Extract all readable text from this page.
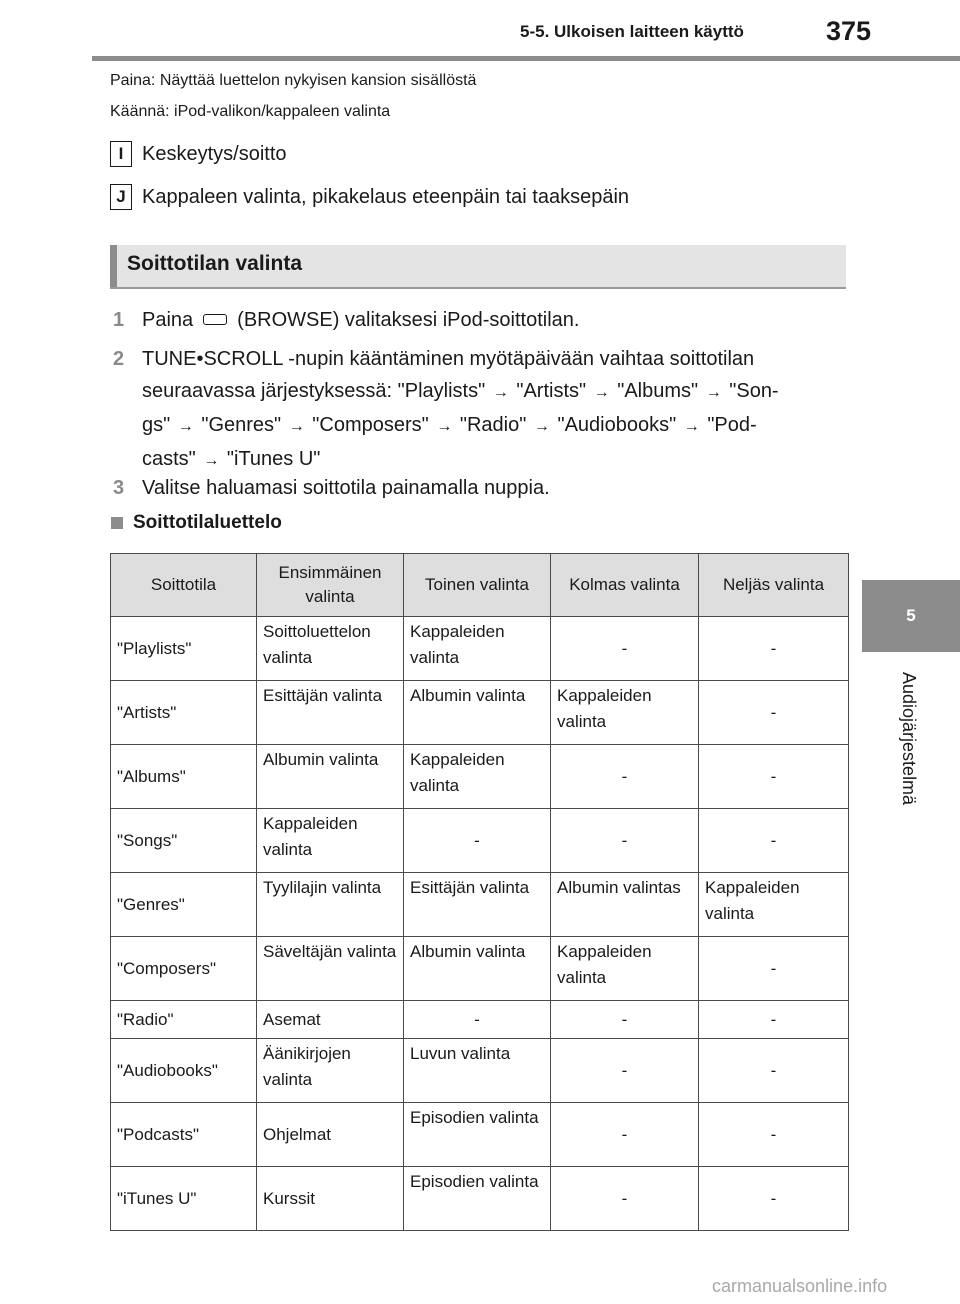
5-5. Ulkoisen laitteen käyttö	375
5
Audiojärjestelmä
Paina: Näyttää luettelon nykyisen kansion sisällöstä
Käännä: iPod-valikon/kappaleen valinta
I Keskeytys/soitto
J Kappaleen valinta, pikakelaus eteenpäin tai taaksepäin
Soittotilan valinta
1 Paina (BROWSE) valitaksesi iPod-soittotilan.
2 TUNE•SCROLL -nupin kääntäminen myötäpäivään vaihtaa soittotilan
seuraavassa järjestyksessä: "Playlists" → "Artists" → "Albums" → "Son-
gs" → "Genres" → "Composers" → "Radio" → "Audiobooks" → "Pod-
casts" → "iTunes U"
3 Valitse haluamasi soittotila painamalla nuppia.
Soittotilaluettelo
Soittotila	Ensimmäinen valinta	Toinen valinta	Kolmas valinta	Neljäs valinta
"Playlists"	Soittoluettelon valinta	Kappaleiden valinta	-	-
"Artists"	Esittäjän valinta	Albumin valinta	Kappaleiden valinta	-
"Albums"	Albumin valinta	Kappaleiden valinta	-	-
"Songs"	Kappaleiden valinta	-	-	-
"Genres"	Tyylilajin valinta	Esittäjän valinta	Albumin valintas	Kappaleiden valinta
"Composers"	Säveltäjän valinta	Albumin valinta	Kappaleiden valinta	-
"Radio"	Asemat	-	-	-
"Audiobooks"	Äänikirjojen valinta	Luvun valinta	-	-
"Podcasts"	Ohjelmat	Episodien valinta	-	-
"iTunes U"	Kurssit	Episodien valinta	-	-
carmanualsonline.info
